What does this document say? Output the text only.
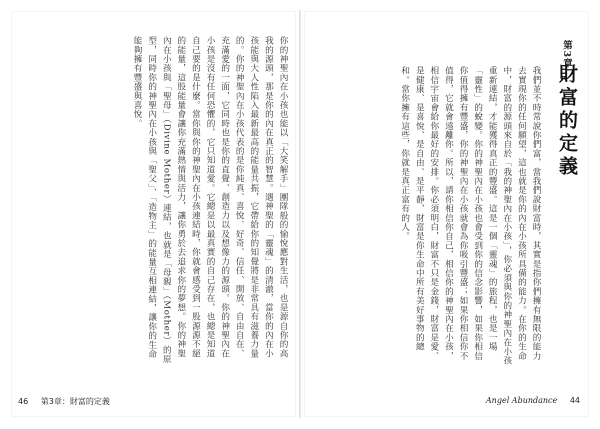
你的神聖內在小孩也能以「大笑解手」團隊般的愉悅應對生活，也是源自你的高我的源頭，那是你的內在真正的智慧。遇神聖的「靈魂」的清澈，當你的內在小孩能與大人性陷入最新最高的能量共振，它帶給你的知覺將是非常具有滋養力量的。你的神聖內在小孩代表的是你純真、喜悅、好奇、信任、開放、自由自在、充滿愛的一面，它同時也是你的直覺、創造力以及想像力的源頭。你的神聖內在小孩是沒有任何恐懼的，它只知道愛。它總是以最真實的自己存在，也總是知道自己要的是什麼。當你與你的神聖內在小孩連結時，你就會感受到一股源源不絕的能量，這股能量會讓你充滿熱情與活力，讓你勇於去追求你的夢想。你的神聖內在小孩與「聖母」（Divine Mother）連結，也就是「母親」（Mother）的原型，同時你的神聖內在小孩與「聖父」、「造物主」的能量互相連結，讓你的生命能夠擁有豐盛與喜悅。
46 第3章：財富的定義
第3章
財富的定義
我們並不時常說你們富，當我們說財富時，其實是指你們擁有無限的能力去實現你的任何願望，這也就是你的內在小孩所具備的能力。在你的生命中，財富的源頭來自於「我的神聖內在小孩」，你必須與你的神聖內在小孩重新連結，才能獲得真正的豐盛。這是一個「靈魂」的旅程，也是一場「靈性」的蛻變。你的神聖內在小孩也會受到你的信念影響，如果你相信你值得擁有豐盛，你的神聖內在小孩就會為你吸引豐盛；如果你相信你不值得，它就會遠離你。所以，請你相信你自己，相信你的神聖內在小孩，相信宇宙會給你最好的安排。你必須明白，財富不只是金錢，財富是愛、是健康、是喜悅、是自由、是平靜，財富是你生命中所有美好事物的總和。當你擁有這些，你就是真正富有的人。
Angel Abundance 44
